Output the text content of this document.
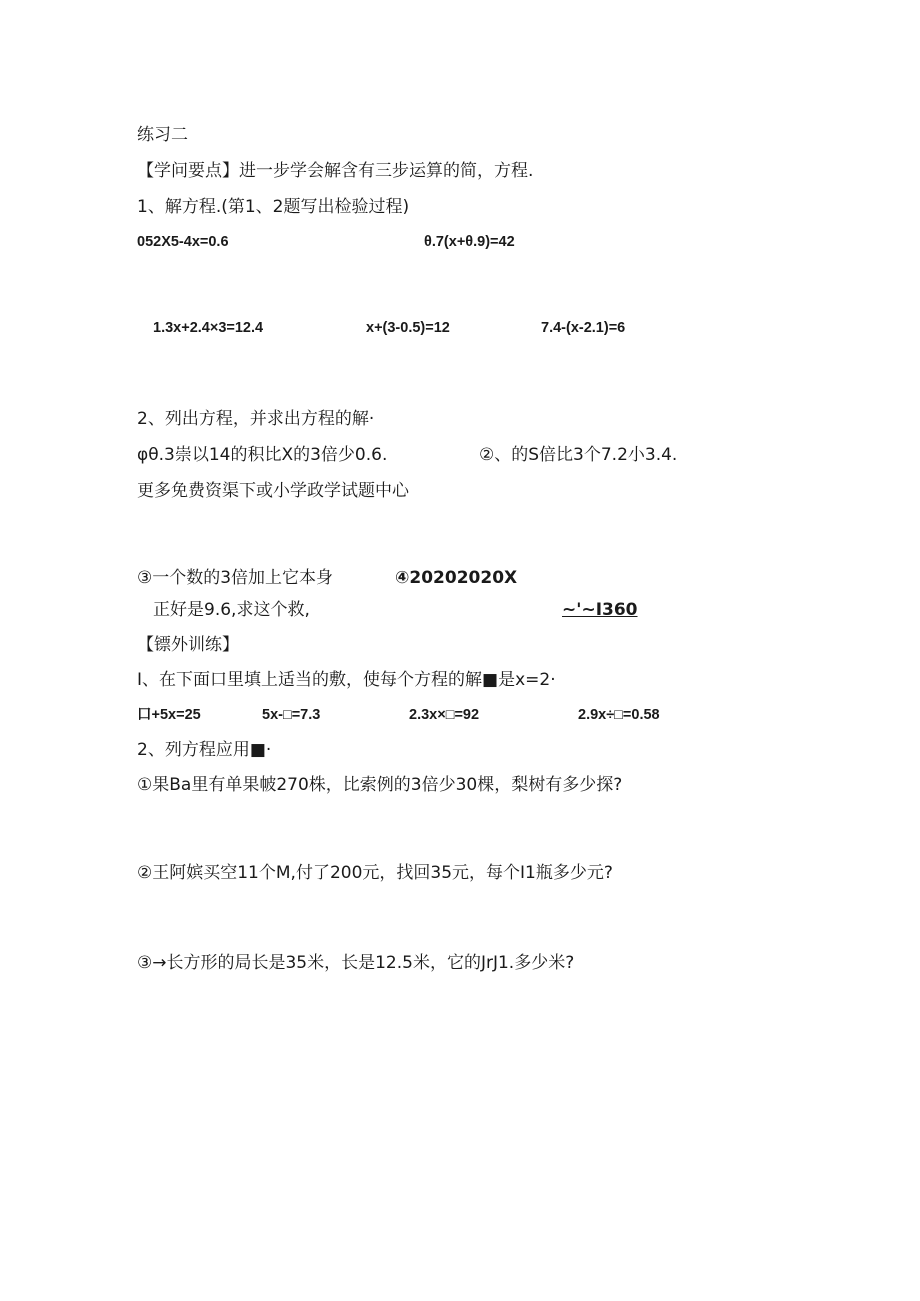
练习二
【学问要点】进一步学会解含有三步运算的简，方程.
1、解方程.(第1、2题写出检验过程)
052X5-4x=0.6	θ.7(x+θ.9)=42
1.3x+2.4×3=12.4	x+(3-0.5)=12	7.4-(x-2.1)=6
2、列出方程，并求出方程的解·
φθ.3崇以14的积比X的3倍少0.6.	②、的S倍比3个7.2小3.4.
更多免费资渠下或小学政学试题中心
③一个数的3倍加上它本身	④20202020X
正好是9.6,求这个救,	~'~I360
【镖外训练】
I、在下面口里填上适当的敷，使每个方程的解■是x=2·
口+5x=25	5x-□=7.3	2.3x×□=92	2.9x÷□=0.58
2、列方程应用■·
①果Ba里有单果帔270株，比索例的3倍少30棵，梨树有多少探?
②王阿嫔买空11个M,付了200元，找回35元，每个I1瓶多少元?
③→长方形的局长是35米，长是12.5米，它的JrJ1.多少米?
